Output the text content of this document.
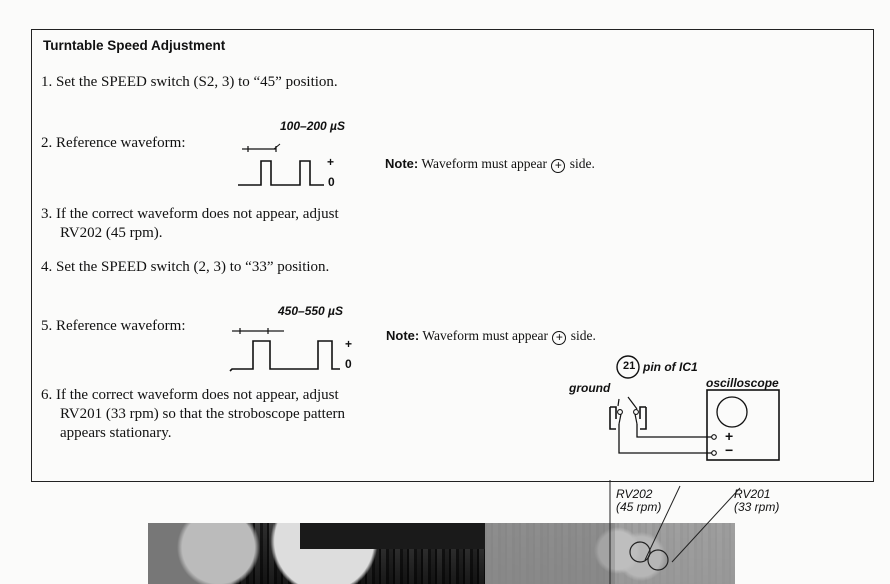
Turntable Speed Adjustment
1. Set the SPEED switch (S2, 3) to “45” position.
2. Reference waveform:
100–200 µS
+
0
Note: Waveform must appear + side.
3. If the correct waveform does not appear, adjust
RV202 (45 rpm).
4. Set the SPEED switch (2, 3) to “33” position.
5. Reference waveform:
450–550 µS
+
0
Note: Waveform must appear + side.
6. If the correct waveform does not appear, adjust
RV201 (33 rpm) so that the stroboscope pattern
appears stationary.
21 pin of IC1
ground	oscilloscope
+
−
RV202
(45 rpm)
RV201
(33 rpm)
